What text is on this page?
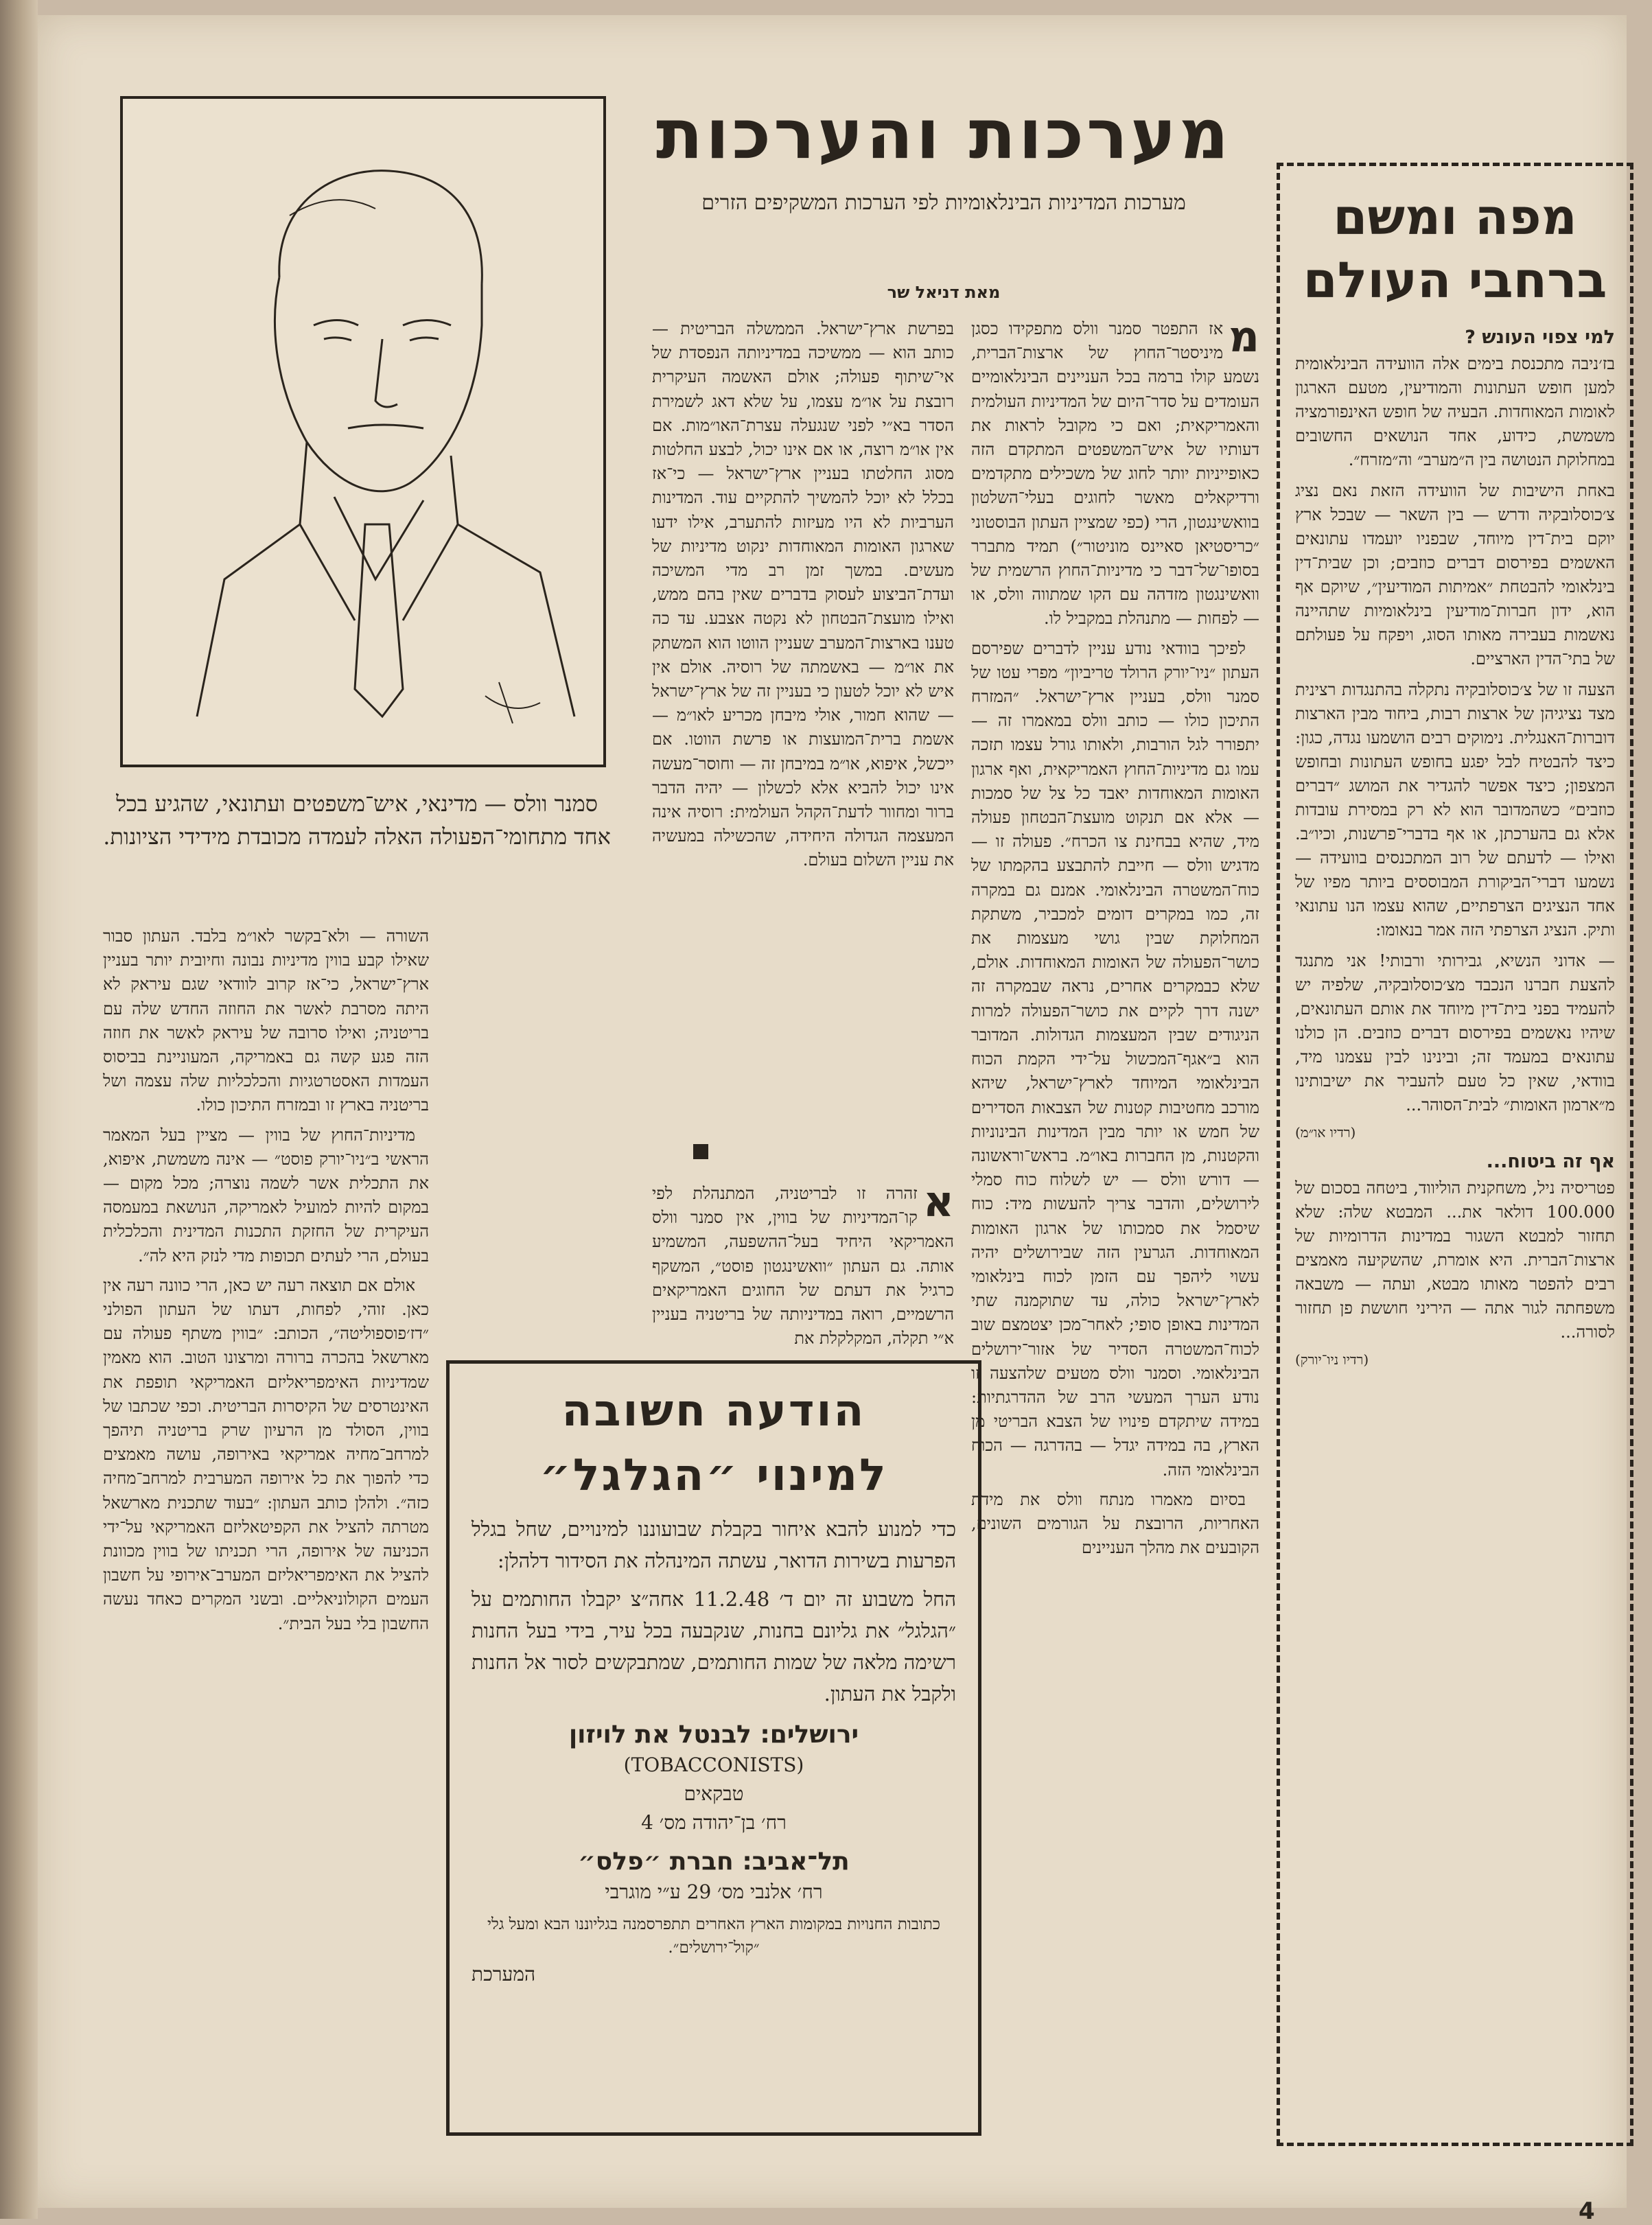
מפה ומשם ברחבי העולם
למי צפוי העונש ?

בז׳ניבה מתכנסת בימים אלה הוועידה הבינלאומית למען חופש העתונות והמודיעין, מטעם הארגון לאומות המאוחדות. הבעיה של חופש האינפורמציה משמשת, כידוע, אחד הנושאים החשובים במחלוקת הנטושה בין ה״מערב״ וה״מזרח״.

באחת הישיבות של הוועידה הזאת נאם נציג צ׳כוסלובקיה ודרש — בין השאר — שבכל ארץ יוקם בית־דין מיוחד, שבפניו יועמדו עתונאים האשמים בפירסום דברים כוזבים; וכן שבית־דין בינלאומי להבטחת ״אמיתות המודיעין״, שיוקם אף הוא, ידון חברות־מודיעין בינלאומיות שתהיינה נאשמות בעבירה מאותו הסוג, ויפקח על פעולתם של בתי־הדין הארציים.

הצעה זו של צ׳כוסלובקיה נתקלה בהתנגדות רצינית מצד נציגיהן של ארצות רבות, ביחוד מבין הארצות דוברות־האנגלית. נימוקים רבים הושמעו נגדה, כגון: כיצד להבטיח לבל יפגע בחופש העתונות ובחופש המצפון; כיצד אפשר להגדיר את המושג ״דברים כוזבים״ כשהמדובר הוא לא רק במסירת עובדות אלא גם בהערכתן, או אף בדברי־פרשנות, וכיו״ב. ואילו — לדעתם של רוב המתכנסים בוועידה — נשמעו דברי־הביקורת המבוססים ביותר מפיו של אחד הנציגים הצרפתיים, שהוא עצמו הנו עתונאי ותיק. הנציג הצרפתי הזה אמר בנאומו:

— אדוני הנשיא, גבירותי ורבותי! אני מתנגד להצעת חברנו הנכבד מצ׳כוסלובקיה, שלפיה יש להעמיד בפני בית־דין מיוחד את אותם העתונאים, שיהיו נאשמים בפירסום דברים כוזבים. הן כולנו עתונאים במעמד זה; ובינינו לבין עצמנו מיד, בוודאי, שאין כל טעם להעביר את ישיבותינו מ״ארמון האומות״ לבית־הסוהר...

(רדיו או״מ)
אף זה ביטוח...

פטריסיה ניל, משחקנית הוליווד, ביטחה בסכום של 100.000 דולאר את... המבטא שלה: שלא תחזור למבטא השגור במדינות הדרומיות של ארצות־הברית. היא אומרת, שהשקיעה מאמצים רבים להפטר מאותו מבטא, ועתה — משבאה משפחתה לגור אתה — היריני חוששת פן תחזור לסורה...

(רדיו ניו־יורק)
מערכות והערכות
מערכות המדיניות הבינלאומיות לפי הערכות המשקיפים הזרים
מאת דניאל שר
מ

אז התפטר סמנר וולס מתפקידו כסגן מיניסטר־החוץ של ארצות־הברית, נשמע קולו ברמה בכל העניינים הבינלאומיים העומדים על סדר־היום של המדיניות העולמית והאמריקאית; ואם כי מקובל לראות את דעותיו של איש־המשפטים המתקדם הזה כאופייניות יותר לחוג של משכילים מתקדמים ורדיקאלים מאשר לחוגים בעלי־השלטון בוואשינגטון, הרי (כפי שמציין העתון הבוסטוני ״כריסטיאן סאיינס מוניטור״) תמיד מתברר בסופו־של־דבר כי מדיניות־החוץ הרשמית של וואשינגטון מזדהה עם הקו שמתווה וולס, או — לפחות — מתנהלת במקביל לו.

לפיכך בוודאי נודע עניין לדברים שפירסם העתון ״ניו־יורק הרולד טריביון״ מפרי עטו של סמנר וולס, בעניין ארץ־ישראל. ״המזרח התיכון כולו — כותב וולס במאמרו זה — יתפורר לגל הורבות, ולאותו גורל עצמו תזכה עמו גם מדיניות־החוץ האמריקאית, ואף ארגון האומות המאוחדות יאבד כל צל של סמכות — אלא אם תנקוט מועצת־הבטחון פעולה מיד, שהיא בבחינת צו הכרח״. פעולה זו — מדגיש וולס — חייבת להתבצע בהקמתו של כוח־המשטרה הבינלאומי. אמנם גם במקרה זה, כמו במקרים דומים למכביר, משתקת המחלוקת שבין גושי מעצמות את כושר־הפעולה של האומות המאוחדות. אולם, שלא כבמקרים אחרים, נראה שבמקרה זה ישנה דרך לקיים את כושר־הפעולה למרות הניגודים שבין המעצמות הגדולות. המדובר הוא ב״אגף־המכשול על־ידי הקמת הכוח הבינלאומי המיוחד לארץ־ישראל, שיהא מורכב מחטיבות קטנות של הצבאות הסדירים של חמש או יותר מבין המדינות הבינוניות והקטנות, מן החברות באו״מ. בראש־וראשונה — דורש וולס — יש לשלוח כוח סמלי לירושלים, והדבר צריך להעשות מיד: כוח שיסמל את סמכותו של ארגון האומות המאוחדות. הגרעין הזה שבירושלים יהיה עשוי ליהפך עם הזמן לכוח בינלאומי לארץ־ישראל כולה, עד שתוקמנה שתי המדינות באופן סופי; לאחר־מכן יצטמצם שוב לכוח־המשטרה הסדיר של אזור־ירושלים הבינלאומי. וסמנר וולס מטעים שלהצעה זו נודע הערך המעשי הרב של ההדרגתיות: במידה שיתקדם פינויו של הצבא הבריטי מן הארץ, בה במידה יגדל — בהדרגה — הכוח הבינלאומי הזה.

בסיום מאמרו מנתח וולס את מידת האחריות, הרובצת על הגורמים השונים, הקובעים את מהלך העניינים

בפרשת ארץ־ישראל. הממשלה הבריטית — כותב הוא — ממשיכה במדיניותה הנפסדת של אי־שיתוף פעולה; אולם האשמה העיקרית רובצת על או״מ עצמו, על שלא דאג לשמירת הסדר בא״י לפני שנגעלה עצרת־האו״מות. אם אין או״מ רוצה, או אם אינו יכול, לבצע החלטות מסוג החלטתו בעניין ארץ־ישראל — כי־אז בכלל לא יוכל להמשיך להתקיים עוד. המדינות הערביות לא היו מעיזות להתערב, אילו ידעו שארגון האומות המאוחדות ינקוט מדיניות של מעשים. במשך זמן רב מדי המשיכה ועדת־הביצוע לעסוק בדברים שאין בהם ממש, ואילו מועצת־הבטחון לא נקטה אצבע. עד כה טענו בארצות־המערב שעניין הווטו הוא המשתק את או״מ — באשמתה של רוסיה. אולם אין איש לא יוכל לטעון כי בעניין זה של ארץ־ישראל — שהוא חמור, אולי מיבחן מכריע לאו״מ — אשמת ברית־המועצות או פרשת הווטו. אם ייכשל, איפוא, או״מ במיבחן זה — וחוסר־מעשה אינו יכול להביא אלא לכשלון — יהיה הדבר ברור ומחוור לדעת־הקהל העולמית: רוסיה אינה המעצמה הגדולה היחידה, שהכשילה במעשיה את עניין השלום בעולם.

א

זהרה זו לבריטניה, המתנהלת לפי קו־המדיניות של בווין, אין סמנר וולס האמריקאי היחיד בעל־ההשפעה, המשמיע אותה. גם העתון ״וואשינגטון פוסט״, המשקף כרגיל את דעתם של החוגים האמריקאים הרשמיים, רואה במדיניותה של בריטניה בעניין א״י תקלה, המקלקלת את

סמנר וולס — מדינאי, איש־משפטים ועתונאי, שהגיע בכל אחד מתחומי־הפעולה האלה לעמדה מכובדת מידידי הציונות.

השורה — ולא־בקשר לאו״מ בלבד. העתון סבור שאילו קבע בווין מדיניות נבונה וחיובית יותר בעניין ארץ־ישראל, כי־אז קרוב לוודאי שגם עיראק לא היתה מסרבת לאשר את החוזה החדש שלה עם בריטניה; ואילו סרובה של עיראק לאשר את חוזה הזה פגע קשה גם באמריקה, המעוניינת בביסוס העמדות האסטרטגיות והכלכליות שלה עצמה ושל בריטניה בארץ זו ובמזרח התיכון כולו.

מדיניות־החוץ של בווין — מציין בעל המאמר הראשי ב״ניו־יורק פוסט״ — אינה משמשת, איפוא, את התכלית אשר לשמה נוצרה; מכל מקום — במקום להיות למועיל לאמריקה, הנושאת במעמסה העיקרית של החזקת התכנות המדינית והכלכלית בעולם, הרי לעתים תכופות מדי לנזק היא לה״.

אולם אם תוצאה רעה יש כאן, הרי כוונה רעה אין כאן. זוהי, לפחות, דעתו של העתון הפולני ״דז׳פוספוליטה״, הכותב: ״בווין משתף פעולה עם מארשאל בהכרה ברורה ומרצונו הטוב. הוא מאמין שמדיניות האימפריאליזם האמריקאי תופפת את האינטרסים של הקיסרות הבריטית. וכפי שכתבו של בווין, הסולד מן הרעיון שרק בריטניה תיהפך למרחב־מחיה אמריקאי באירופה, עושה מאמצים כדי להפוך את כל אירופה המערבית למרחב־מחיה כזה״. ולהלן כותב העתון: ״בעוד שתכנית מארשאל מטרתה להציל את הקפיטאליזם האמריקאי על־ידי הכניעה של אירופה, הרי תכניתו של בווין מכוונת להציל את האימפריאליזם המערב־אירופי על חשבון העמים הקולוניאליים. ובשני המקרים כאחד נעשה החשבון בלי בעל הבית״.

הודעה חשובה
למינוי ״הגלגל״

כדי למנוע להבא איחור בקבלת שבועוננו למינויים, שחל בגלל הפרעות בשירות הדואר, עשתה המינהלה את הסידור דלהלן:

החל משבוע זה יום ד׳ 11.2.48 אחה״צ יקבלו החותמים על ״הגלגל״ את גליונם בחנות, שנקבעה בכל עיר, בידי בעל החנות רשימה מלאה של שמות החותמים, שמתבקשים לסור אל החנות ולקבל את העתון.

ירושלים: לבנטל את לויזון
(TOBACCONISTS)
טבקאים
רח׳ בן־יהודה מס׳ 4
תל־אביב: חברת ״פלס״
רח׳ אלנבי מס׳ 29 ע״י מוגרבי

כתובות החנויות במקומות הארץ האחרים תתפרסמנה בגליוננו הבא ומעל גלי ״קול־ירושלים״.

המערכת
4
